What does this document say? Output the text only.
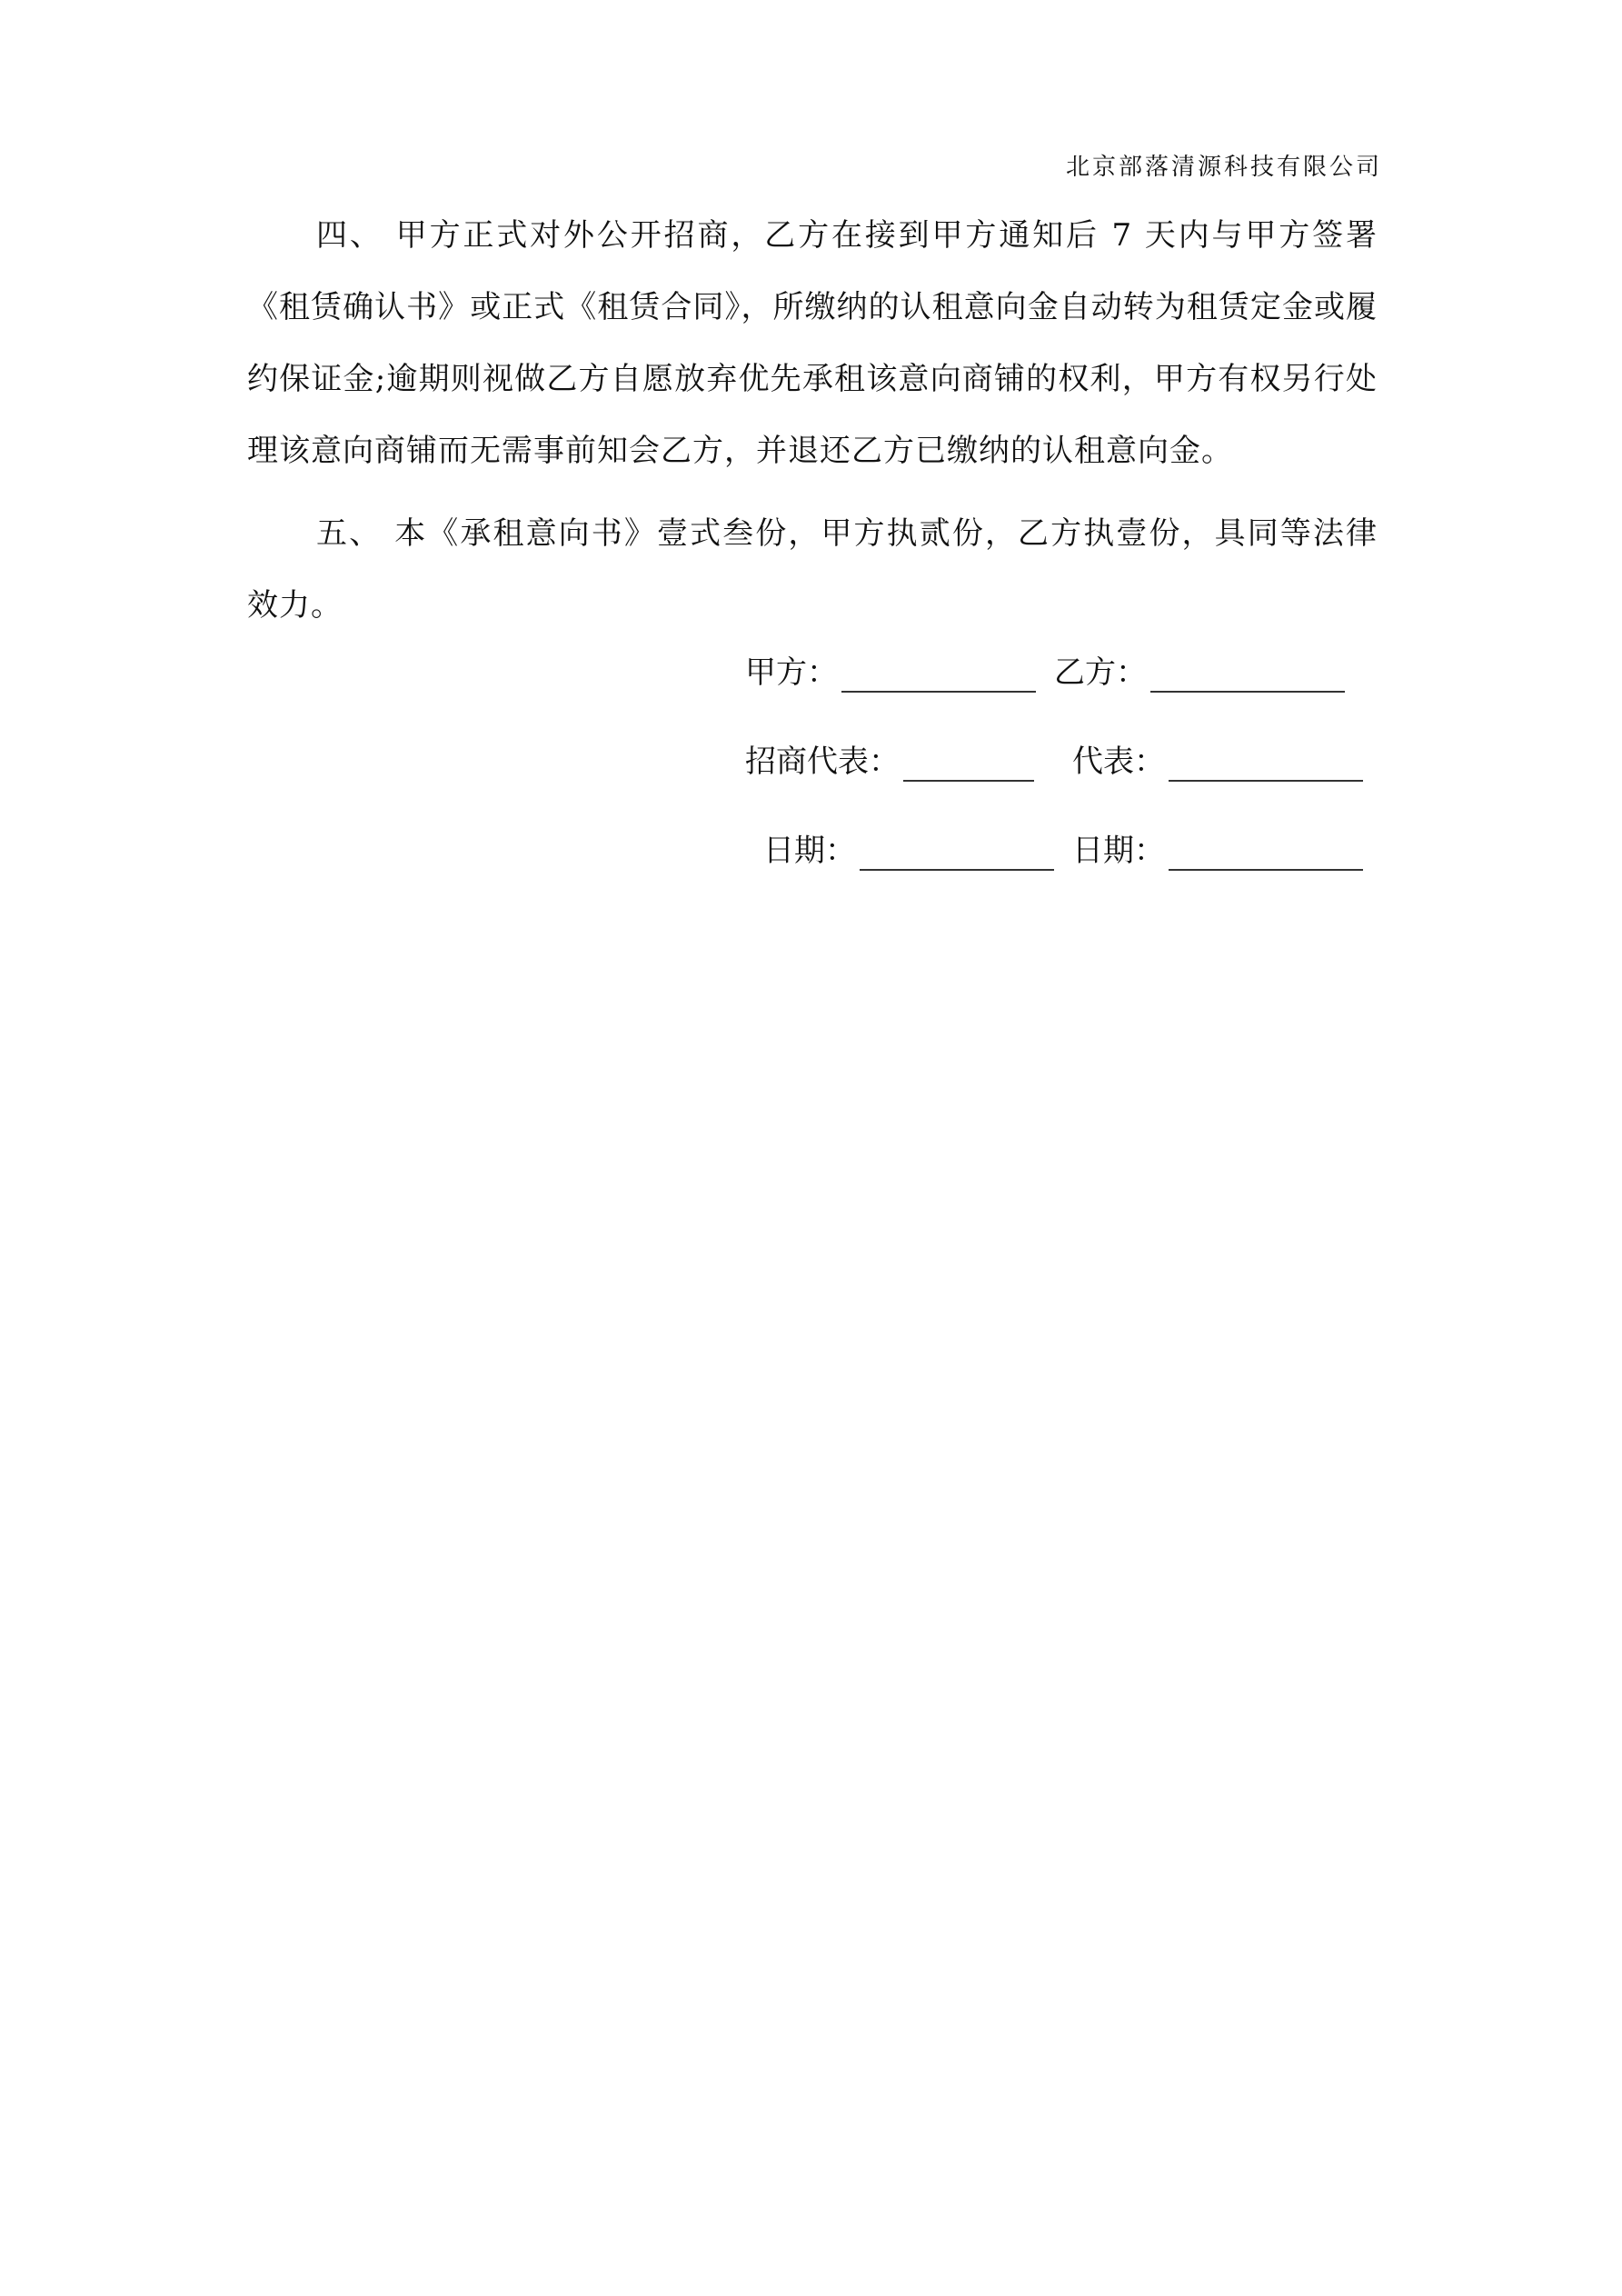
北京部落清源科技有限公司

四、 甲方正式对外公开招商，乙方在接到甲方通知后 7 天内与甲方签署《租赁确认书》或正式《租赁合同》，所缴纳的认租意向金自动转为租赁定金或履约保证金;逾期则视做乙方自愿放弃优先承租该意向商铺的权利，甲方有权另行处理该意向商铺而无需事前知会乙方，并退还乙方已缴纳的认租意向金。

五、 本《承租意向书》壹式叁份，甲方执贰份，乙方执壹份，具同等法律效力。

甲方：	乙方：
招商代表：	代表：
日期：	日期：
